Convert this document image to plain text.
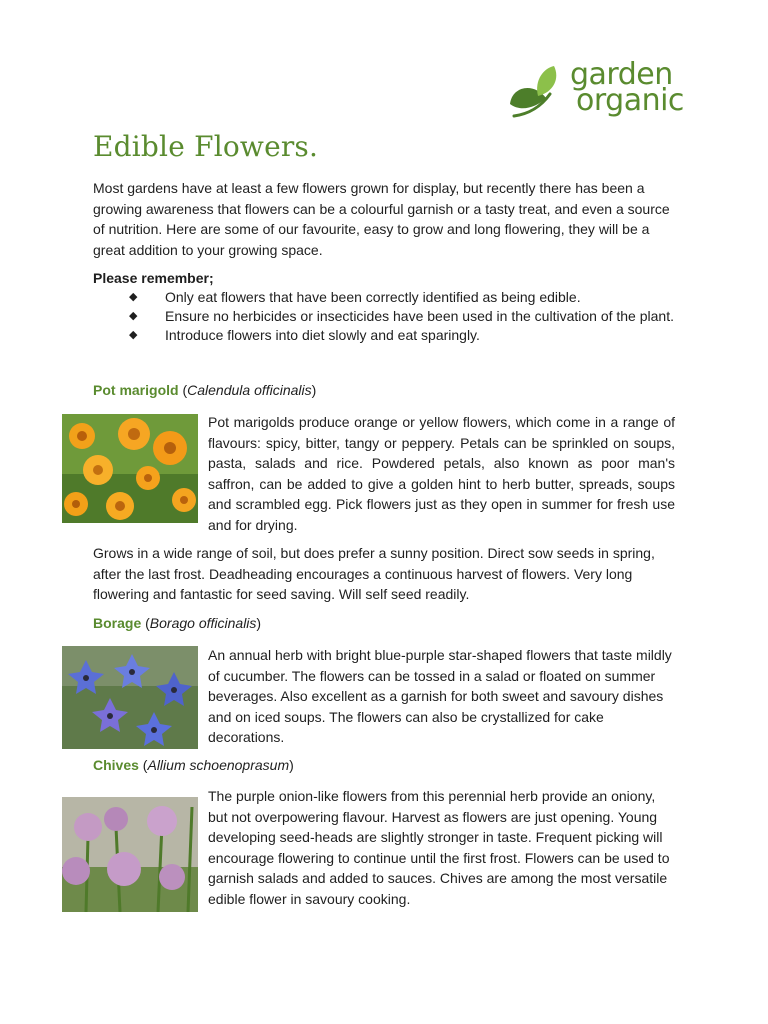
garden
organic
Edible Flowers.

Most gardens have at least a few flowers grown for display, but recently there has been a growing awareness that flowers can be a colourful garnish or a tasty treat, and even a source of nutrition. Here are some of our favourite, easy to grow and long flowering, they will be a great addition to your growing space.

Please remember;
◆ Only eat flowers that have been correctly identified as being edible.
◆ Ensure no herbicides or insecticides have been used in the cultivation of the plant.
◆ Introduce flowers into diet slowly and eat sparingly.
Pot marigold (Calendula officinalis)

Pot marigolds produce orange or yellow flowers, which come in a range of flavours: spicy, bitter, tangy or peppery. Petals can be sprinkled on soups, pasta, salads and rice. Powdered petals, also known as poor man's saffron, can be added to give a golden hint to herb butter, spreads, soups and scrambled egg. Pick flowers just as they open in summer for fresh use and for drying.

Grows in a wide range of soil, but does prefer a sunny position. Direct sow seeds in spring, after the last frost. Deadheading encourages a continuous harvest of flowers. Very long flowering and fantastic for seed saving. Will self seed readily.

Borage (Borago officinalis)

An annual herb with bright blue-purple star-shaped flowers that taste mildly of cucumber. The flowers can be tossed in a salad or floated on summer beverages. Also excellent as a garnish for both sweet and savoury dishes and on iced soups. The flowers can also be crystallized for cake decorations.

Chives (Allium schoenoprasum)

The purple onion-like flowers from this perennial herb provide an oniony, but not overpowering flavour. Harvest as flowers are just opening. Young developing seed-heads are slightly stronger in taste. Frequent picking will encourage flowering to continue until the first frost. Flowers can be used to garnish salads and added to sauces. Chives are among the most versatile edible flower in savoury cooking.
